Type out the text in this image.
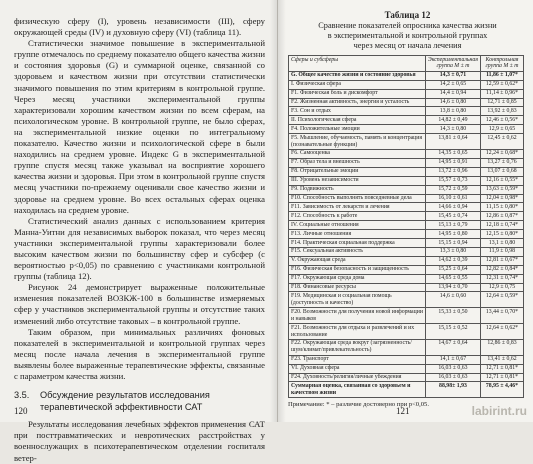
физическую сферу (I), уровень независимости (III), сферу окружающей среды (IV) и духовную сферу (VI) (таблица 11).

Статистически значимое повышение в экспериментальной группе отмечалось по среднему показателю общего качества жизни и состояния здоровья (G) и суммарной оценке, связанной со здоровьем и качеством жизни при отсутствии статистически значимого повышения по этим критериям в контрольной группе. Через месяц участники экспериментальной группы характеризовали хорошим качеством жизни по всем сферам, на психологическом уровне. В контрольной группе, не было сферах, на экспериментальной низкие оценки по интегральному показателю. Качество жизни и психологической сфере в были находились на среднем уровне. Индекс G в экспериментальной группе спустя месяц также указывал на восприятие хорошего качества жизни и здоровья. При этом в контрольной группе спустя месяц участники по-прежнему оценивали свое качество жизни и здоровье на среднем уровне. Во всех остальных сферах оценка находилась на среднем уровне.

Статистический анализ данных с использованием критерия Манна-Уитни для независимых выборок показал, что через месяц участники экспериментальной группы характеризовали более высоким качеством жизни по большинству сфер и субсфер (с вероятностью p<0,05) по сравнению с участниками контрольной группы (таблица 12).

Рисунок 24 демонстрирует выраженные положительные изменения показателей ВОЗКЖ-100 в большинстве измеряемых сфер у участников экспериментальной группы и отсутствие таких изменений либо отсутствие таковых – в контрольной группе.

Таким образом, при минимальных различиях фоновых показателей в экспериментальной и контрольной группах через месяц после начала лечения в экспериментальной группе выявлены более выраженные терапевтические эффекты, связанные с параметром качества жизни.

3.5.	Обсуждение результатов исследования
терапевтической эффективности САТ

Результаты исследования лечебных эффектов применения САТ при посттравматических и невротических расстройствах у военнослужащих в психотерапевтическом отделении госпиталя ветер-

120
Таблица 12
Сравнение показателей опросника качества жизни
в экспериментальной и контрольной группах
через месяц от начала лечения
Сферы и субсферы	Экспериментальная группа M ± m	Контрольная группа M ± m
G. Общее качество жизни и состояние здоровья	14,3 ± 0,71	11,86 ± 1,07*
I. Физическая сфера	14,2 ± 0,65	12,59 ± 0,62*
F1. Физическая боль и дискомфорт	14,4 ± 0,94	11,14 ± 0,96*
F2. Жизненная активность, энергия и усталость	14,6 ± 0,80	12,71 ± 0,85
F3. Сон и отдых	13,8 ± 0,80	13,92 ± 0,83
II. Психологическая сфера	14,82 ± 0,49	12,46 ± 0,56*
F4. Положительные эмоции	14,3 ± 0,80	12,9 ± 0,65
F5. Мышление, обучаемость, память и концентрация (познавательные функции)	13,81 ± 0,64	12,45 ± 0,62
F6. Самооценка	14,35 ± 0,65	12,24 ± 0,68*
F7. Образ тела и внешность	14,95 ± 0,91	13,27 ± 0,76
F8. Отрицательные эмоции	13,72 ± 0,96	13,07 ± 0,68
III. Уровень независимости	15,57 ± 0,73	12,16 ± 0,55*
F9. Подвижность	15,72 ± 0,59	13,63 ± 0,59*
F10. Способность выполнять повседневные дела	16,10 ± 0,61	12,04 ± 0,98*
F11. Зависимость от лекарств и лечения	14,66 ± 0,94	11,15 ± 0,80*
F12. Способность к работе	15,45 ± 0,74	12,86 ± 0,87*
IV. Социальные отношения	15,13 ± 0,79	12,18 ± 0,74*
F13. Личные отношения	14,95 ± 0,80	12,15 ± 0,80*
F14. Практическая социальная поддержка	15,15 ± 0,94	13,1 ± 0,80
F15. Сексуальная активность	13,3 ± 0,80	11,9 ± 0,98
V. Окружающая среда	14,62 ± 0,39	12,81 ± 0,67*
F16. Физическая безопасность и защищенность	15,25 ± 0,64	12,82 ± 0,84*
F17. Окружающая среда дома	14,65 ± 0,55	12,31 ± 0,74*
F18. Финансовые ресурсы	13,94 ± 0,70	12,9 ± 0,75
F19. Медицинская и социальная помощь (доступность и качество)	14,6 ± 0,60	12,64 ± 0,59*
F20. Возможности для получения новой информации и навыков	15,33 ± 0,50	13,44 ± 0,70*
F21. Возможности для отдыха и развлечений и их использование	15,15 ± 0,52	12,64 ± 0,62*
F22. Окружающая среда вокруг (загрязненность/шум/климат/привлекательность)	14,67 ± 0,64	12,86 ± 0,83
F23. Транспорт	14,1 ± 0,67	13,41 ± 0,62
VI. Духовная сфера	16,03 ± 0,63	12,71 ± 0,81*
F24. Духовность/религия/личные убеждения	16,03 ± 0,63	12,71 ± 0,81*
Суммарная оценка, связанная со здоровьем и качеством жизни	88,98± 1,93	78,95 ± 4,46*
Примечание: * – различие достоверно при p<0,05.
121	labirint.ru
